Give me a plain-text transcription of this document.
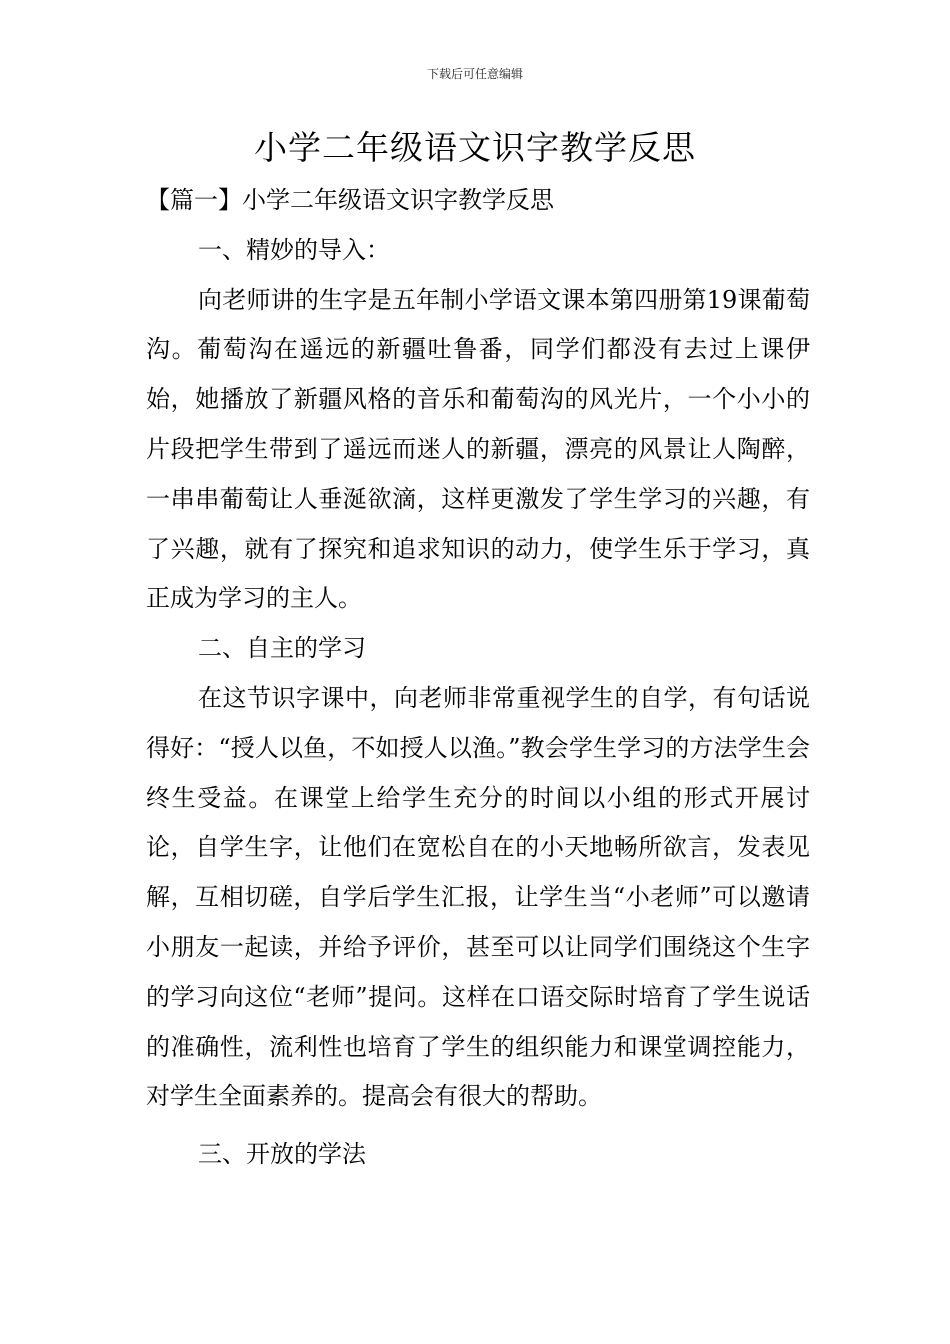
下载后可任意编辑
小学二年级语文识字教学反思

【篇一】小学二年级语文识字教学反思

一、精妙的导入：

向老师讲的生字是五年制小学语文课本第四册第19课葡萄沟。葡萄沟在遥远的新疆吐鲁番，同学们都没有去过上课伊始，她播放了新疆风格的音乐和葡萄沟的风光片，一个小小的片段把学生带到了遥远而迷人的新疆，漂亮的风景让人陶醉，一串串葡萄让人垂涎欲滴，这样更激发了学生学习的兴趣，有了兴趣，就有了探究和追求知识的动力，使学生乐于学习，真正成为学习的主人。

二、自主的学习

在这节识字课中，向老师非常重视学生的自学，有句话说得好：“授人以鱼，不如授人以渔。”教会学生学习的方法学生会终生受益。在课堂上给学生充分的时间以小组的形式开展讨论，自学生字，让他们在宽松自在的小天地畅所欲言，发表见解，互相切磋，自学后学生汇报，让学生当“小老师”可以邀请小朋友一起读，并给予评价，甚至可以让同学们围绕这个生字的学习向这位“老师”提问。这样在口语交际时培育了学生说话的准确性，流利性也培育了学生的组织能力和课堂调控能力，对学生全面素养的。提高会有很大的帮助。

三、开放的学法
